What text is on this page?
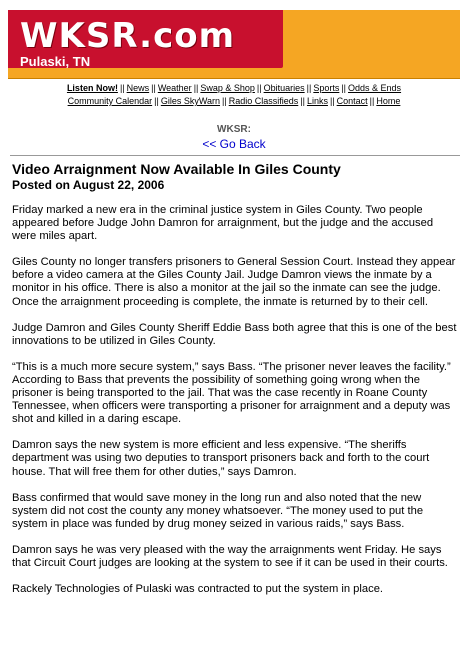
WKSR.com
Pulaski, TN
Listen Now! || News || Weather || Swap & Shop || Obituaries || Sports || Odds & Ends
Community Calendar || Giles SkyWarn || Radio Classifieds || Links || Contact || Home
WKSR:
<< Go Back
Video Arraignment Now Available In Giles County
Posted on August 22, 2006

Friday marked a new era in the criminal justice system in Giles County. Two people appeared before Judge John Damron for arraignment, but the judge and the accused were miles apart.

Giles County no longer transfers prisoners to General Session Court. Instead they appear before a video camera at the Giles County Jail. Judge Damron views the inmate by a monitor in his office. There is also a monitor at the jail so the inmate can see the judge. Once the arraignment proceeding is complete, the inmate is returned by to their cell.

Judge Damron and Giles County Sheriff Eddie Bass both agree that this is one of the best innovations to be utilized in Giles County.

“This is a much more secure system,” says Bass. “The prisoner never leaves the facility.” According to Bass that prevents the possibility of something going wrong when the prisoner is being transported to the jail. That was the case recently in Roane County Tennessee, when officers were transporting a prisoner for arraignment and a deputy was shot and killed in a daring escape.

Damron says the new system is more efficient and less expensive. “The sheriffs department was using two deputies to transport prisoners back and forth to the court house. That will free them for other duties,” says Damron.

Bass confirmed that would save money in the long run and also noted that the new system did not cost the county any money whatsoever. “The money used to put the system in place was funded by drug money seized in various raids,” says Bass.

Damron says he was very pleased with the way the arraignments went Friday. He says that Circuit Court judges are looking at the system to see if it can be used in their courts.

Rackely Technologies of Pulaski was contracted to put the system in place.
